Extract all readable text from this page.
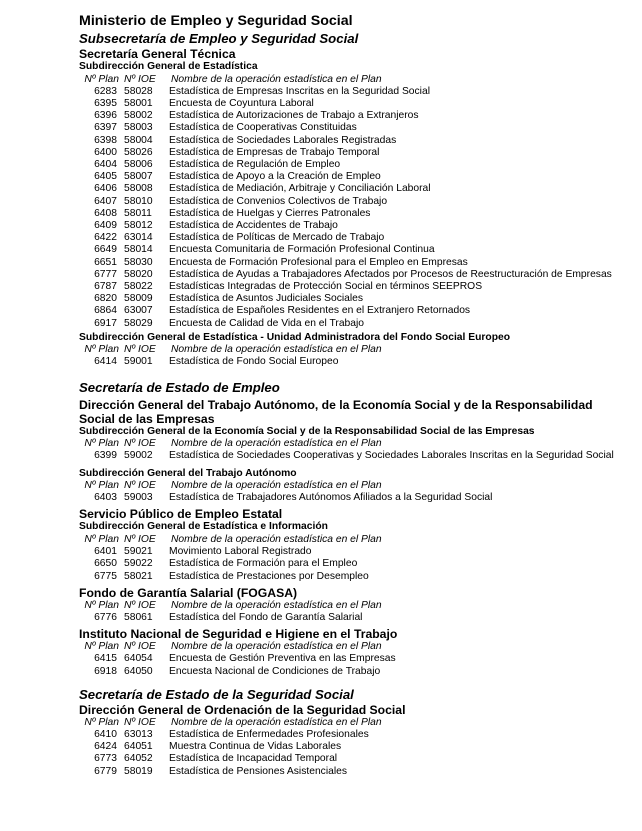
Ministerio de Empleo y Seguridad Social
Subsecretaría de Empleo y Seguridad Social
Secretaría General Técnica
Subdirección General de Estadística
Nº Plan Nº IOE	Nombre de la operación estadística en el Plan
6283 58028	Estadística de Empresas Inscritas en la Seguridad Social
6395 58001	Encuesta de Coyuntura Laboral
6396 58002	Estadística de Autorizaciones de Trabajo a Extranjeros
6397 58003	Estadística de Cooperativas Constituidas
6398 58004	Estadística de Sociedades Laborales Registradas
6400 58026	Estadística de Empresas de Trabajo Temporal
6404 58006	Estadística de Regulación de Empleo
6405 58007	Estadística de Apoyo a la Creación de Empleo
6406 58008	Estadística de Mediación, Arbitraje y Conciliación Laboral
6407 58010	Estadística de Convenios Colectivos de Trabajo
6408 58011	Estadística de Huelgas y Cierres Patronales
6409 58012	Estadística de Accidentes de Trabajo
6422 63014	Estadística de Políticas de Mercado de Trabajo
6649 58014	Encuesta Comunitaria de Formación Profesional Continua
6651 58030	Encuesta de Formación Profesional para el Empleo en Empresas
6777 58020	Estadística de Ayudas a Trabajadores Afectados por Procesos de Reestructuración de Empresas
6787 58022	Estadísticas Integradas de Protección Social en términos SEEPROS
6820 58009	Estadística de Asuntos Judiciales Sociales
6864 63007	Estadística de Españoles Residentes en el Extranjero Retornados
6917 58029	Encuesta de Calidad de Vida en el Trabajo
Subdirección General de Estadística - Unidad Administradora del Fondo Social Europeo
Nº Plan Nº IOE	Nombre de la operación estadística en el Plan
6414 59001	Estadística de Fondo Social Europeo
Secretaría de Estado de Empleo
Dirección General del Trabajo Autónomo, de la Economía Social y de la Responsabilidad Social de las Empresas
Subdirección General de la Economía Social y de la Responsabilidad Social de las Empresas
Nº Plan Nº IOE	Nombre de la operación estadística en el Plan
6399 59002	Estadística de Sociedades Cooperativas y Sociedades Laborales Inscritas en la Seguridad Social
Subdirección General del Trabajo Autónomo
Nº Plan Nº IOE	Nombre de la operación estadística en el Plan
6403 59003	Estadística de Trabajadores Autónomos Afiliados a la Seguridad Social
Servicio Público de Empleo Estatal
Subdirección General de Estadística e Información
Nº Plan Nº IOE	Nombre de la operación estadística en el Plan
6401 59021	Movimiento Laboral Registrado
6650 59022	Estadística de Formación para el Empleo
6775 58021	Estadística de Prestaciones por Desempleo
Fondo de Garantía Salarial (FOGASA)
Nº Plan Nº IOE	Nombre de la operación estadística en el Plan
6776 58061	Estadística del Fondo de Garantía Salarial
Instituto Nacional de Seguridad e Higiene en el Trabajo
Nº Plan Nº IOE	Nombre de la operación estadística en el Plan
6415 64054	Encuesta de Gestión Preventiva en las Empresas
6918 64050	Encuesta Nacional de Condiciones de Trabajo
Secretaría de Estado de la Seguridad Social
Dirección General de Ordenación de la Seguridad Social
Nº Plan Nº IOE	Nombre de la operación estadística en el Plan
6410 63013	Estadística de Enfermedades Profesionales
6424 64051	Muestra Continua de Vidas Laborales
6773 64052	Estadística de Incapacidad Temporal
6779 58019	Estadística de Pensiones Asistenciales
